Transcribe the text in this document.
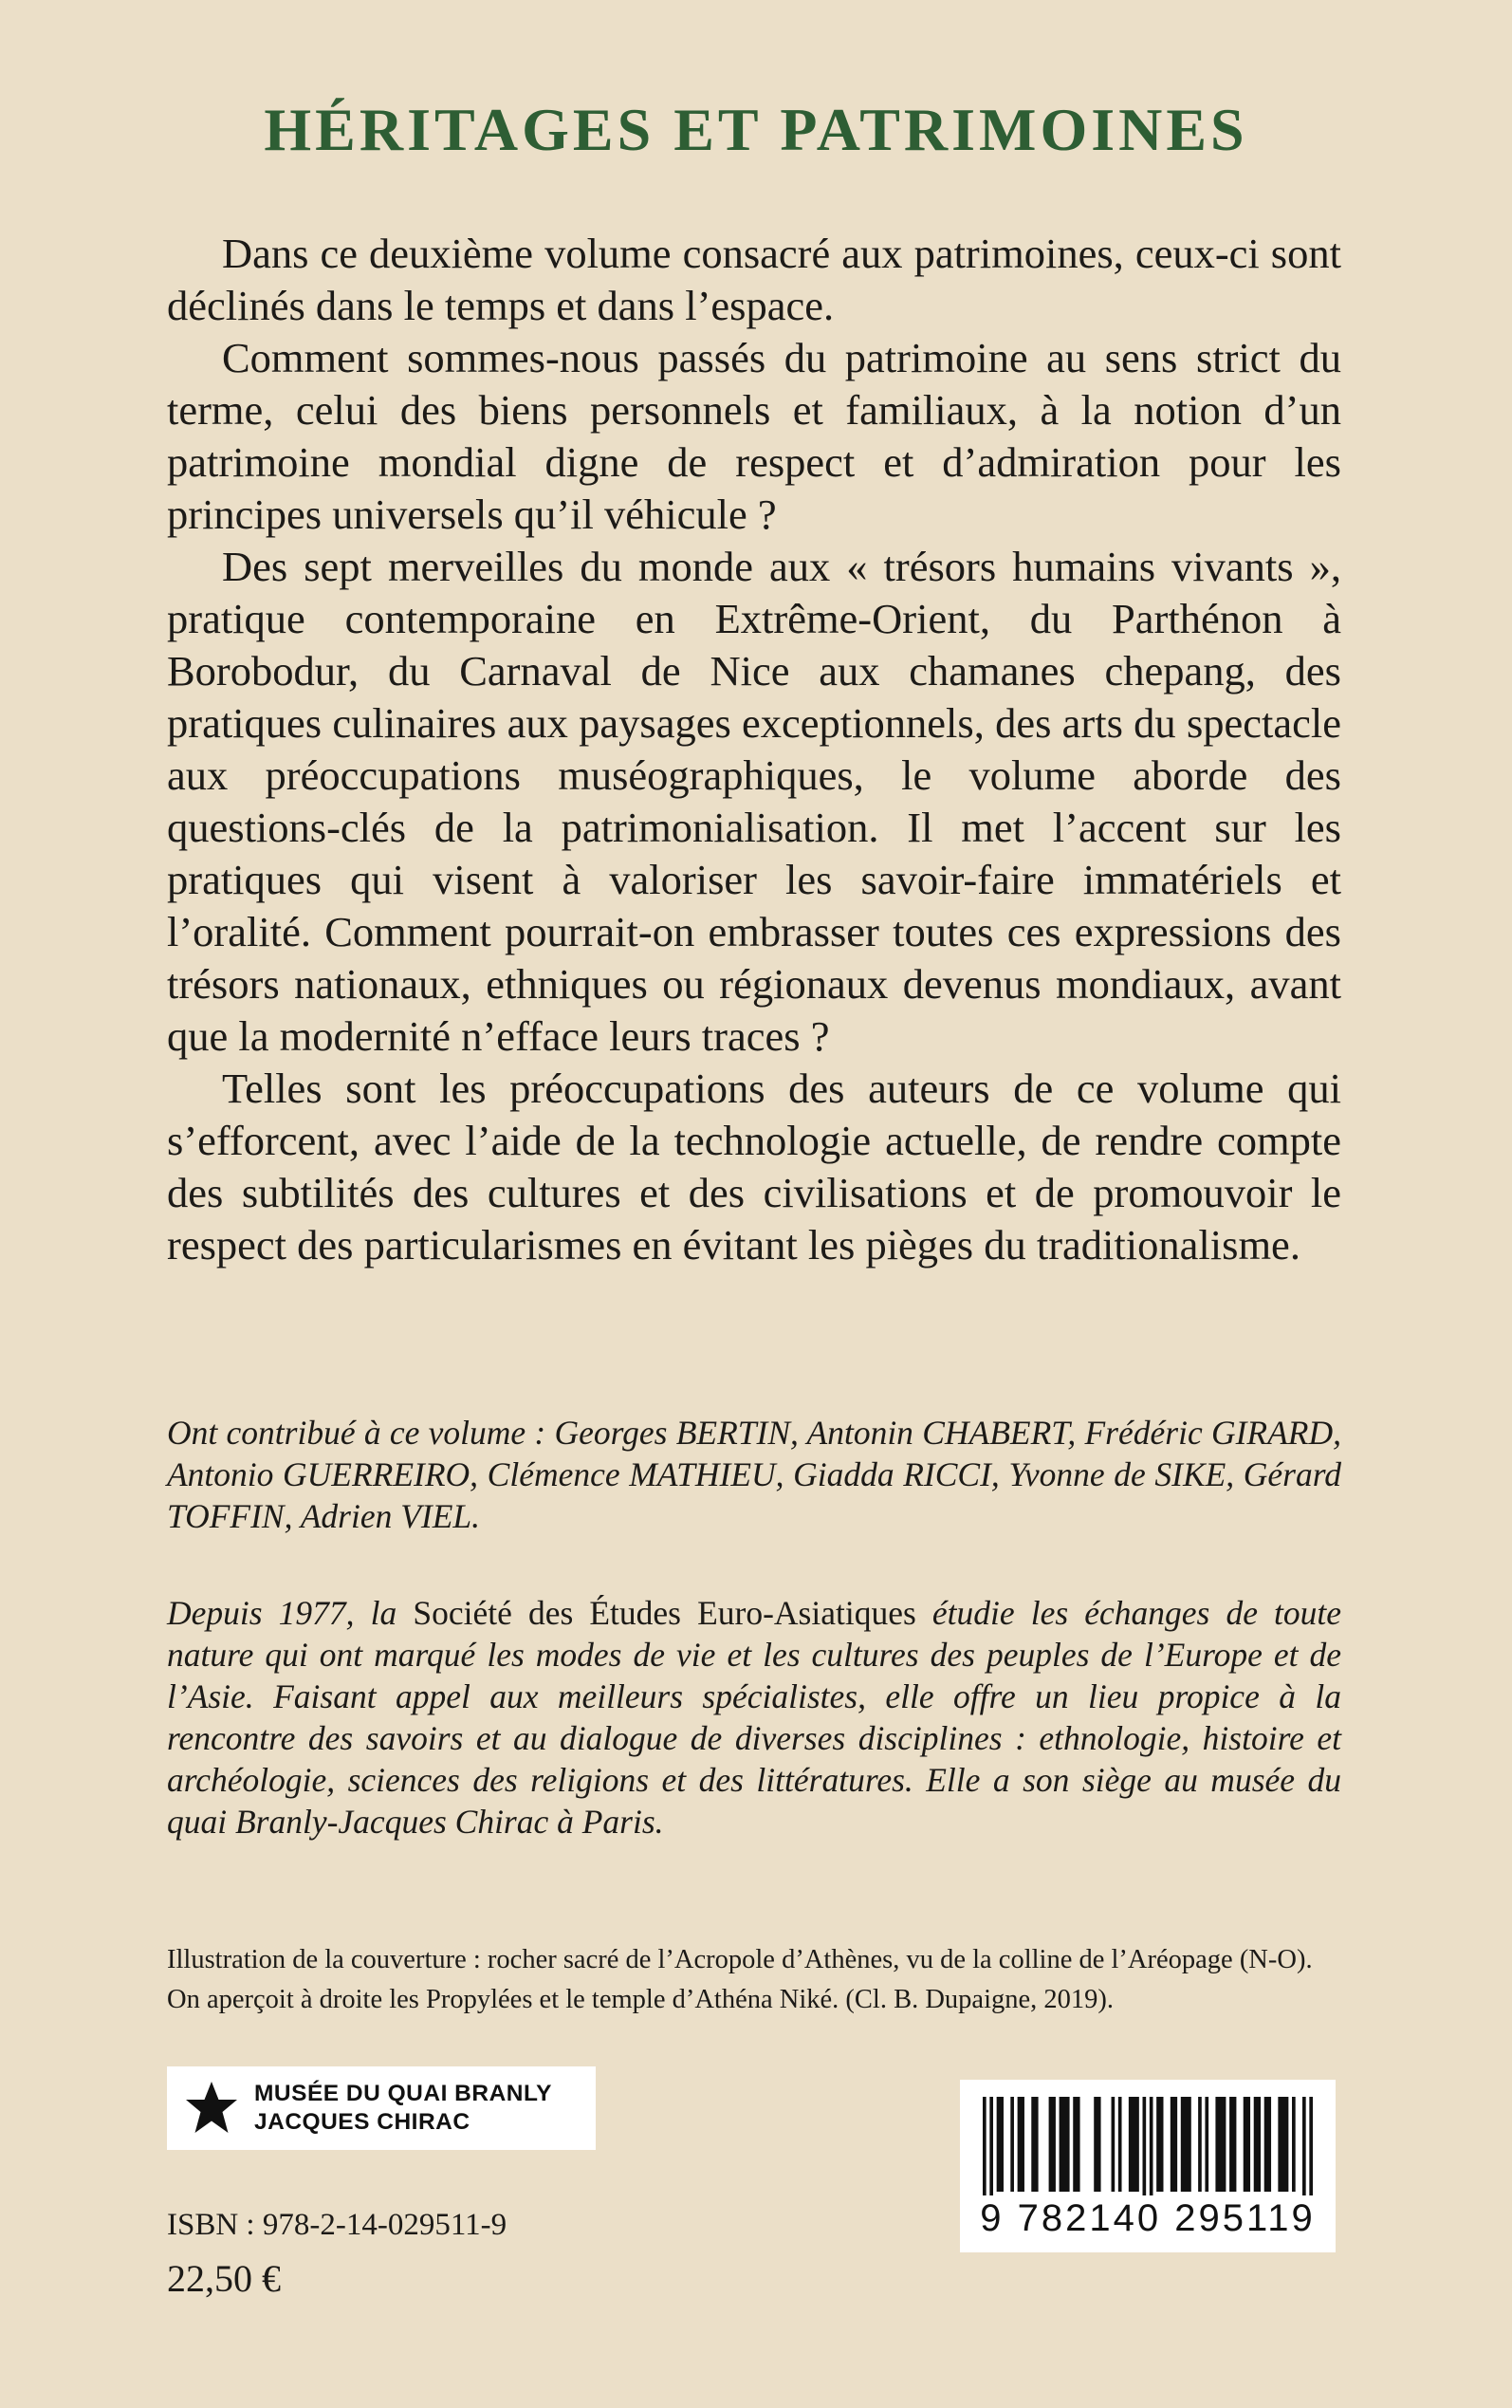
HÉRITAGES ET PATRIMOINES

Dans ce deuxième volume consacré aux patrimoines, ceux-ci sont déclinés dans le temps et dans l’espace.

Comment sommes-nous passés du patrimoine au sens strict du terme, celui des biens personnels et familiaux, à la notion d’un patrimoine mondial digne de respect et d’admiration pour les principes universels qu’il véhicule ?

Des sept merveilles du monde aux « trésors humains vivants », pratique contemporaine en Extrême-Orient, du Parthénon à Borobodur, du Carnaval de Nice aux chamanes chepang, des pratiques culinaires aux paysages exceptionnels, des arts du spectacle aux préoccupations muséographiques, le volume aborde des questions-clés de la patrimonialisation. Il met l’accent sur les pratiques qui visent à valoriser les savoir-faire immatériels et l’oralité. Comment pourrait-on embrasser toutes ces expressions des trésors nationaux, ethniques ou régionaux devenus mondiaux, avant que la modernité n’efface leurs traces ?

Telles sont les préoccupations des auteurs de ce volume qui s’efforcent, avec l’aide de la technologie actuelle, de rendre compte des subtilités des cultures et des civilisations et de promouvoir le respect des particularismes en évitant les pièges du traditionalisme.

Ont contribué à ce volume : Georges BERTIN, Antonin CHABERT, Frédéric GIRARD, Antonio GUERREIRO, Clémence MATHIEU, Giadda RICCI, Yvonne de SIKE, Gérard TOFFIN, Adrien VIEL.

Depuis 1977, la Société des Études Euro-Asiatiques étudie les échanges de toute nature qui ont marqué les modes de vie et les cultures des peuples de l’Europe et de l’Asie. Faisant appel aux meilleurs spécialistes, elle offre un lieu propice à la rencontre des savoirs et au dialogue de diverses disciplines : ethnologie, histoire et archéologie, sciences des religions et des littératures. Elle a son siège au musée du quai Branly-Jacques Chirac à Paris.

Illustration de la couverture : rocher sacré de l’Acropole d’Athènes, vu de la colline de l’Aréopage (N-O). On aperçoit à droite les Propylées et le temple d’Athéna Niké. (Cl. B. Dupaigne, 2019).

MUSÉE DU QUAI BRANLY
JACQUES CHIRAC
ISBN : 978-2-14-029511-9
22,50 €
9 782140 295119
